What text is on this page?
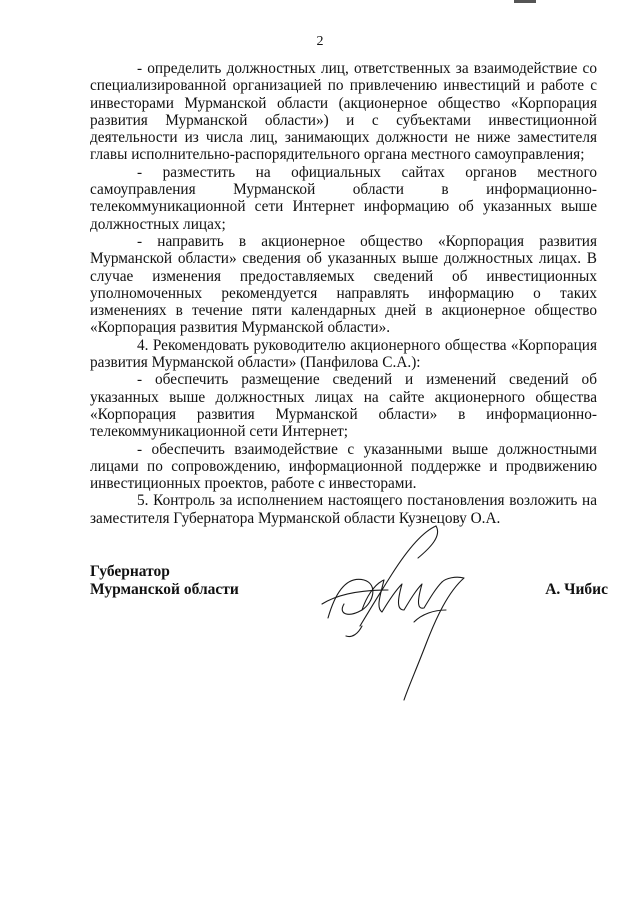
2

- определить должностных лиц, ответственных за взаимодействие со специализированной организацией по привлечению инвестиций и работе с инвесторами Мурманской области (акционерное общество «Корпорация развития Мурманской области») и с субъектами инвестиционной деятельности из числа лиц, занимающих должности не ниже заместителя главы исполнительно-распорядительного органа местного самоуправления;

- разместить на официальных сайтах органов местного самоуправления Мурманской области в информационно-телекоммуникационной сети Интернет информацию об указанных выше должностных лицах;

- направить в акционерное общество «Корпорация развития Мурманской области» сведения об указанных выше должностных лицах. В случае изменения предоставляемых сведений об инвестиционных уполномоченных рекомендуется направлять информацию о таких изменениях в течение пяти календарных дней в акционерное общество «Корпорация развития Мурманской области».

4. Рекомендовать руководителю акционерного общества «Корпорация развития Мурманской области» (Панфилова С.А.):

- обеспечить размещение сведений и изменений сведений об указанных выше должностных лицах на сайте акционерного общества «Корпорация развития Мурманской области» в информационно-телекоммуникационной сети Интернет;

- обеспечить взаимодействие с указанными выше должностными лицами по сопровождению, информационной поддержке и продвижению инвестиционных проектов, работе с инвесторами.

5. Контроль за исполнением настоящего постановления возложить на заместителя Губернатора Мурманской области Кузнецову О.А.

Губернатор
Мурманской области	А. Чибис
